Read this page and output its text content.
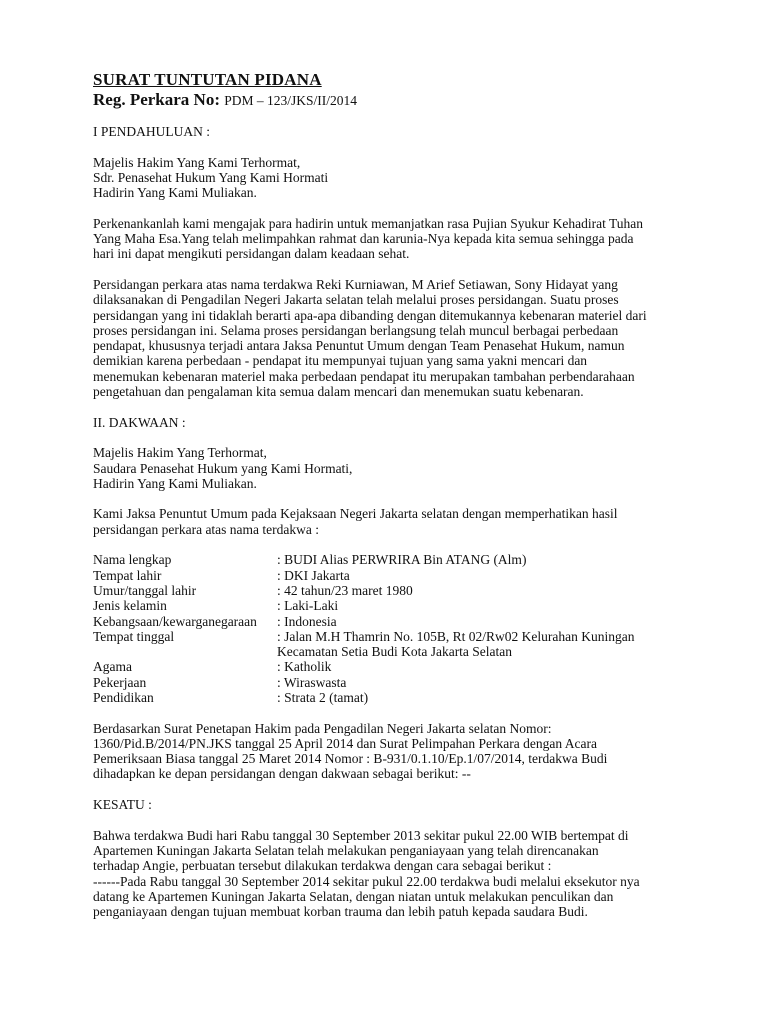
SURAT TUNTUTAN PIDANA
Reg. Perkara No: PDM – 123/JKS/II/2014
I PENDAHULUAN :
Majelis Hakim Yang Kami Terhormat,
Sdr. Penasehat Hukum Yang Kami Hormati
Hadirin Yang Kami Muliakan.
Perkenankanlah kami mengajak para hadirin untuk memanjatkan rasa Pujian Syukur Kehadirat Tuhan
Yang Maha Esa.Yang telah melimpahkan rahmat dan karunia-Nya kepada kita semua sehingga pada
hari ini dapat mengikuti persidangan dalam keadaan sehat.
Persidangan perkara atas nama terdakwa Reki Kurniawan, M Arief Setiawan, Sony Hidayat yang
dilaksanakan di Pengadilan Negeri Jakarta selatan telah melalui proses persidangan. Suatu proses
persidangan yang ini tidaklah berarti apa-apa dibanding dengan ditemukannya kebenaran materiel dari
proses persidangan ini. Selama proses persidangan berlangsung telah muncul berbagai perbedaan
pendapat, khususnya terjadi antara Jaksa Penuntut Umum dengan Team Penasehat Hukum, namun
demikian karena perbedaan - pendapat itu mempunyai tujuan yang sama yakni mencari dan
menemukan kebenaran materiel maka perbedaan pendapat itu merupakan tambahan perbendarahaan
pengetahuan dan pengalaman kita semua dalam mencari dan menemukan suatu kebenaran.
II. DAKWAAN :
Majelis Hakim Yang Terhormat,
Saudara Penasehat Hukum yang Kami Hormati,
Hadirin Yang Kami Muliakan.
Kami Jaksa Penuntut Umum pada Kejaksaan Negeri Jakarta selatan dengan memperhatikan hasil
persidangan perkara atas nama terdakwa :
Nama lengkap	: BUDI Alias PERWRIRA Bin ATANG (Alm)
Tempat lahir	: DKI Jakarta
Umur/tanggal lahir	: 42 tahun/23 maret 1980
Jenis kelamin	: Laki-Laki
Kebangsaan/kewarganegaraan	: Indonesia
Tempat tinggal	: Jalan M.H Thamrin No. 105B, Rt 02/Rw02 Kelurahan Kuningan
Kecamatan Setia Budi Kota Jakarta Selatan
Agama	: Katholik
Pekerjaan	: Wiraswasta
Pendidikan	: Strata 2 (tamat)
Berdasarkan Surat Penetapan Hakim pada Pengadilan Negeri Jakarta selatan Nomor:
1360/Pid.B/2014/PN.JKS tanggal 25 April 2014 dan Surat Pelimpahan Perkara dengan Acara
Pemeriksaan Biasa tanggal 25 Maret 2014 Nomor : B-931/0.1.10/Ep.1/07/2014, terdakwa Budi
dihadapkan ke depan persidangan dengan dakwaan sebagai berikut: --
KESATU :
Bahwa terdakwa Budi hari Rabu tanggal 30 September 2013 sekitar pukul 22.00 WIB bertempat di
Apartemen Kuningan Jakarta Selatan telah melakukan penganiayaan yang telah direncanakan
terhadap Angie, perbuatan tersebut dilakukan terdakwa dengan cara sebagai berikut :
------Pada Rabu tanggal 30 September 2014 sekitar pukul 22.00 terdakwa budi melalui eksekutor nya
datang ke Apartemen Kuningan Jakarta Selatan, dengan niatan untuk melakukan penculikan dan
penganiayaan dengan tujuan membuat korban trauma dan lebih patuh kepada saudara Budi.
